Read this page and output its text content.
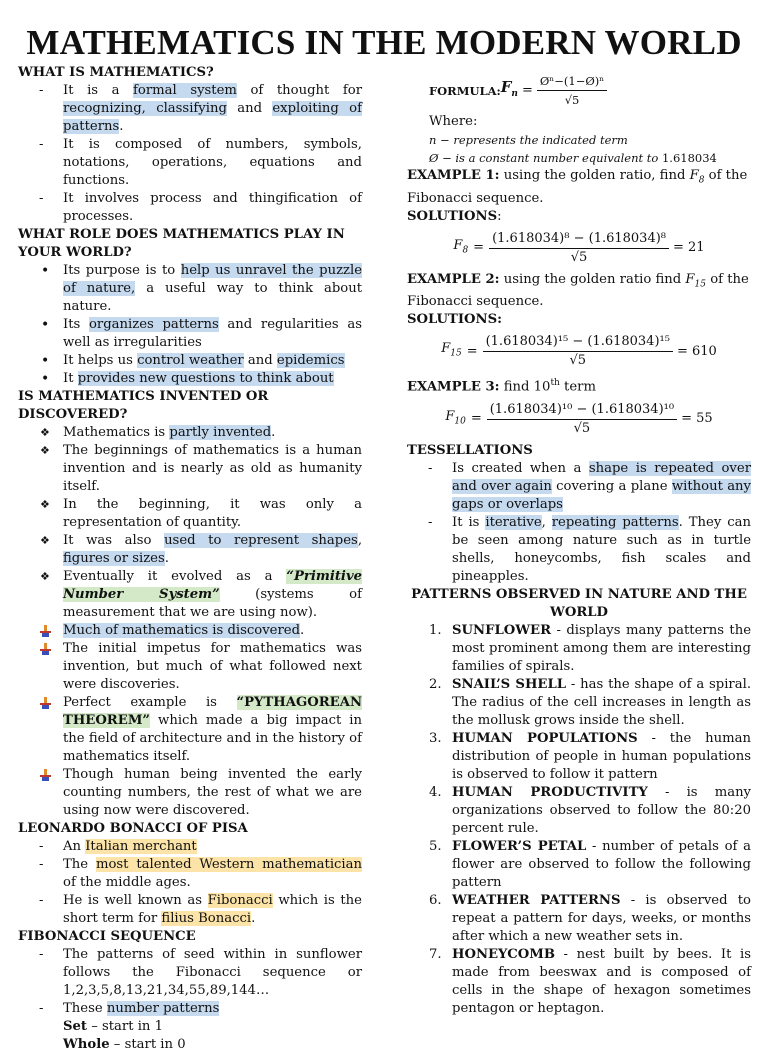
MATHEMATICS IN THE MODERN WORLD

WHAT IS MATHEMATICS?

- It is a formal system of thought for recognizing, classifying and exploiting of patterns.
- It is composed of numbers, symbols, notations, operations, equations and functions.
- It involves process and thingification of processes.

WHAT ROLE DOES MATHEMATICS PLAY IN YOUR WORLD?

• Its purpose is to help us unravel the puzzle of nature, a useful way to think about nature.
• Its organizes patterns and regularities as well as irregularities
• It helps us control weather and epidemics
• It provides new questions to think about

IS MATHEMATICS INVENTED OR DISCOVERED?

❖ Mathematics is partly invented.
❖ The beginnings of mathematics is a human invention and is nearly as old as humanity itself.
❖ In the beginning, it was only a representation of quantity.
❖ It was also used to represent shapes, figures or sizes.
❖ Eventually it evolved as a “Primitive Number System” (systems of measurement that we are using now).
Much of mathematics is discovered.
The initial impetus for mathematics was invention, but much of what followed next were discoveries.
Perfect example is “PYTHAGOREAN THEOREM” which made a big impact in the field of architecture and in the history of mathematics itself.
Though human being invented the early counting numbers, the rest of what we are using now were discovered.

LEONARDO BONACCI OF PISA

- An Italian merchant
- The most talented Western mathematician of the middle ages.
- He is well known as Fibonacci which is the short term for filius Bonacci.

FIBONACCI SEQUENCE

- The patterns of seed within in sunflower follows the Fibonacci sequence or 1,2,3,5,8,13,21,34,55,89,144…
- These number patterns
Set – start in 1
Whole – start in 0
FORMULA: $F_n = \frac{\text{Øⁿ−(1−Ø)ⁿ}}{√5}$
Where:
n − represents the indicated term
Ø − is a constant number equivalent to 1.618034
EXAMPLE 1: using the golden ratio, find $F_8$ of the Fibonacci sequence.
SOLUTIONS:
$F_8 = \frac{\text{(1.618034)⁸ − (1.618034)⁸}}{√5} = 21$
EXAMPLE 2: using the golden ratio find $F_{15}$ of the Fibonacci sequence.
SOLUTIONS:
$F_{15} = \frac{\text{(1.618034)¹⁵ − (1.618034)¹⁵}}{√5} = 610$
EXAMPLE 3: find 10th term
$F_{10} = \frac{\text{(1.618034)¹⁰ − (1.618034)¹⁰}}{√5} = 55$

TESSELLATIONS

- Is created when a shape is repeated over and over again covering a plane without any gaps or overlaps
- It is iterative, repeating patterns. They can be seen among nature such as in turtle shells, honeycombs, fish scales and pineapples.

PATTERNS OBSERVED IN NATURE AND THE WORLD

1. SUNFLOWER - displays many patterns the most prominent among them are interesting families of spirals.
2. SNAIL’S SHELL - has the shape of a spiral. The radius of the cell increases in length as the mollusk grows inside the shell.
3. HUMAN POPULATIONS - the human distribution of people in human populations is observed to follow it pattern
4. HUMAN PRODUCTIVITY - is many organizations observed to follow the 80:20 percent rule.
5. FLOWER’S PETAL - number of petals of a flower are observed to follow the following pattern
6. WEATHER PATTERNS - is observed to repeat a pattern for days, weeks, or months after which a new weather sets in.
7. HONEYCOMB - nest built by bees. It is made from beeswax and is composed of cells in the shape of hexagon sometimes pentagon or heptagon.
